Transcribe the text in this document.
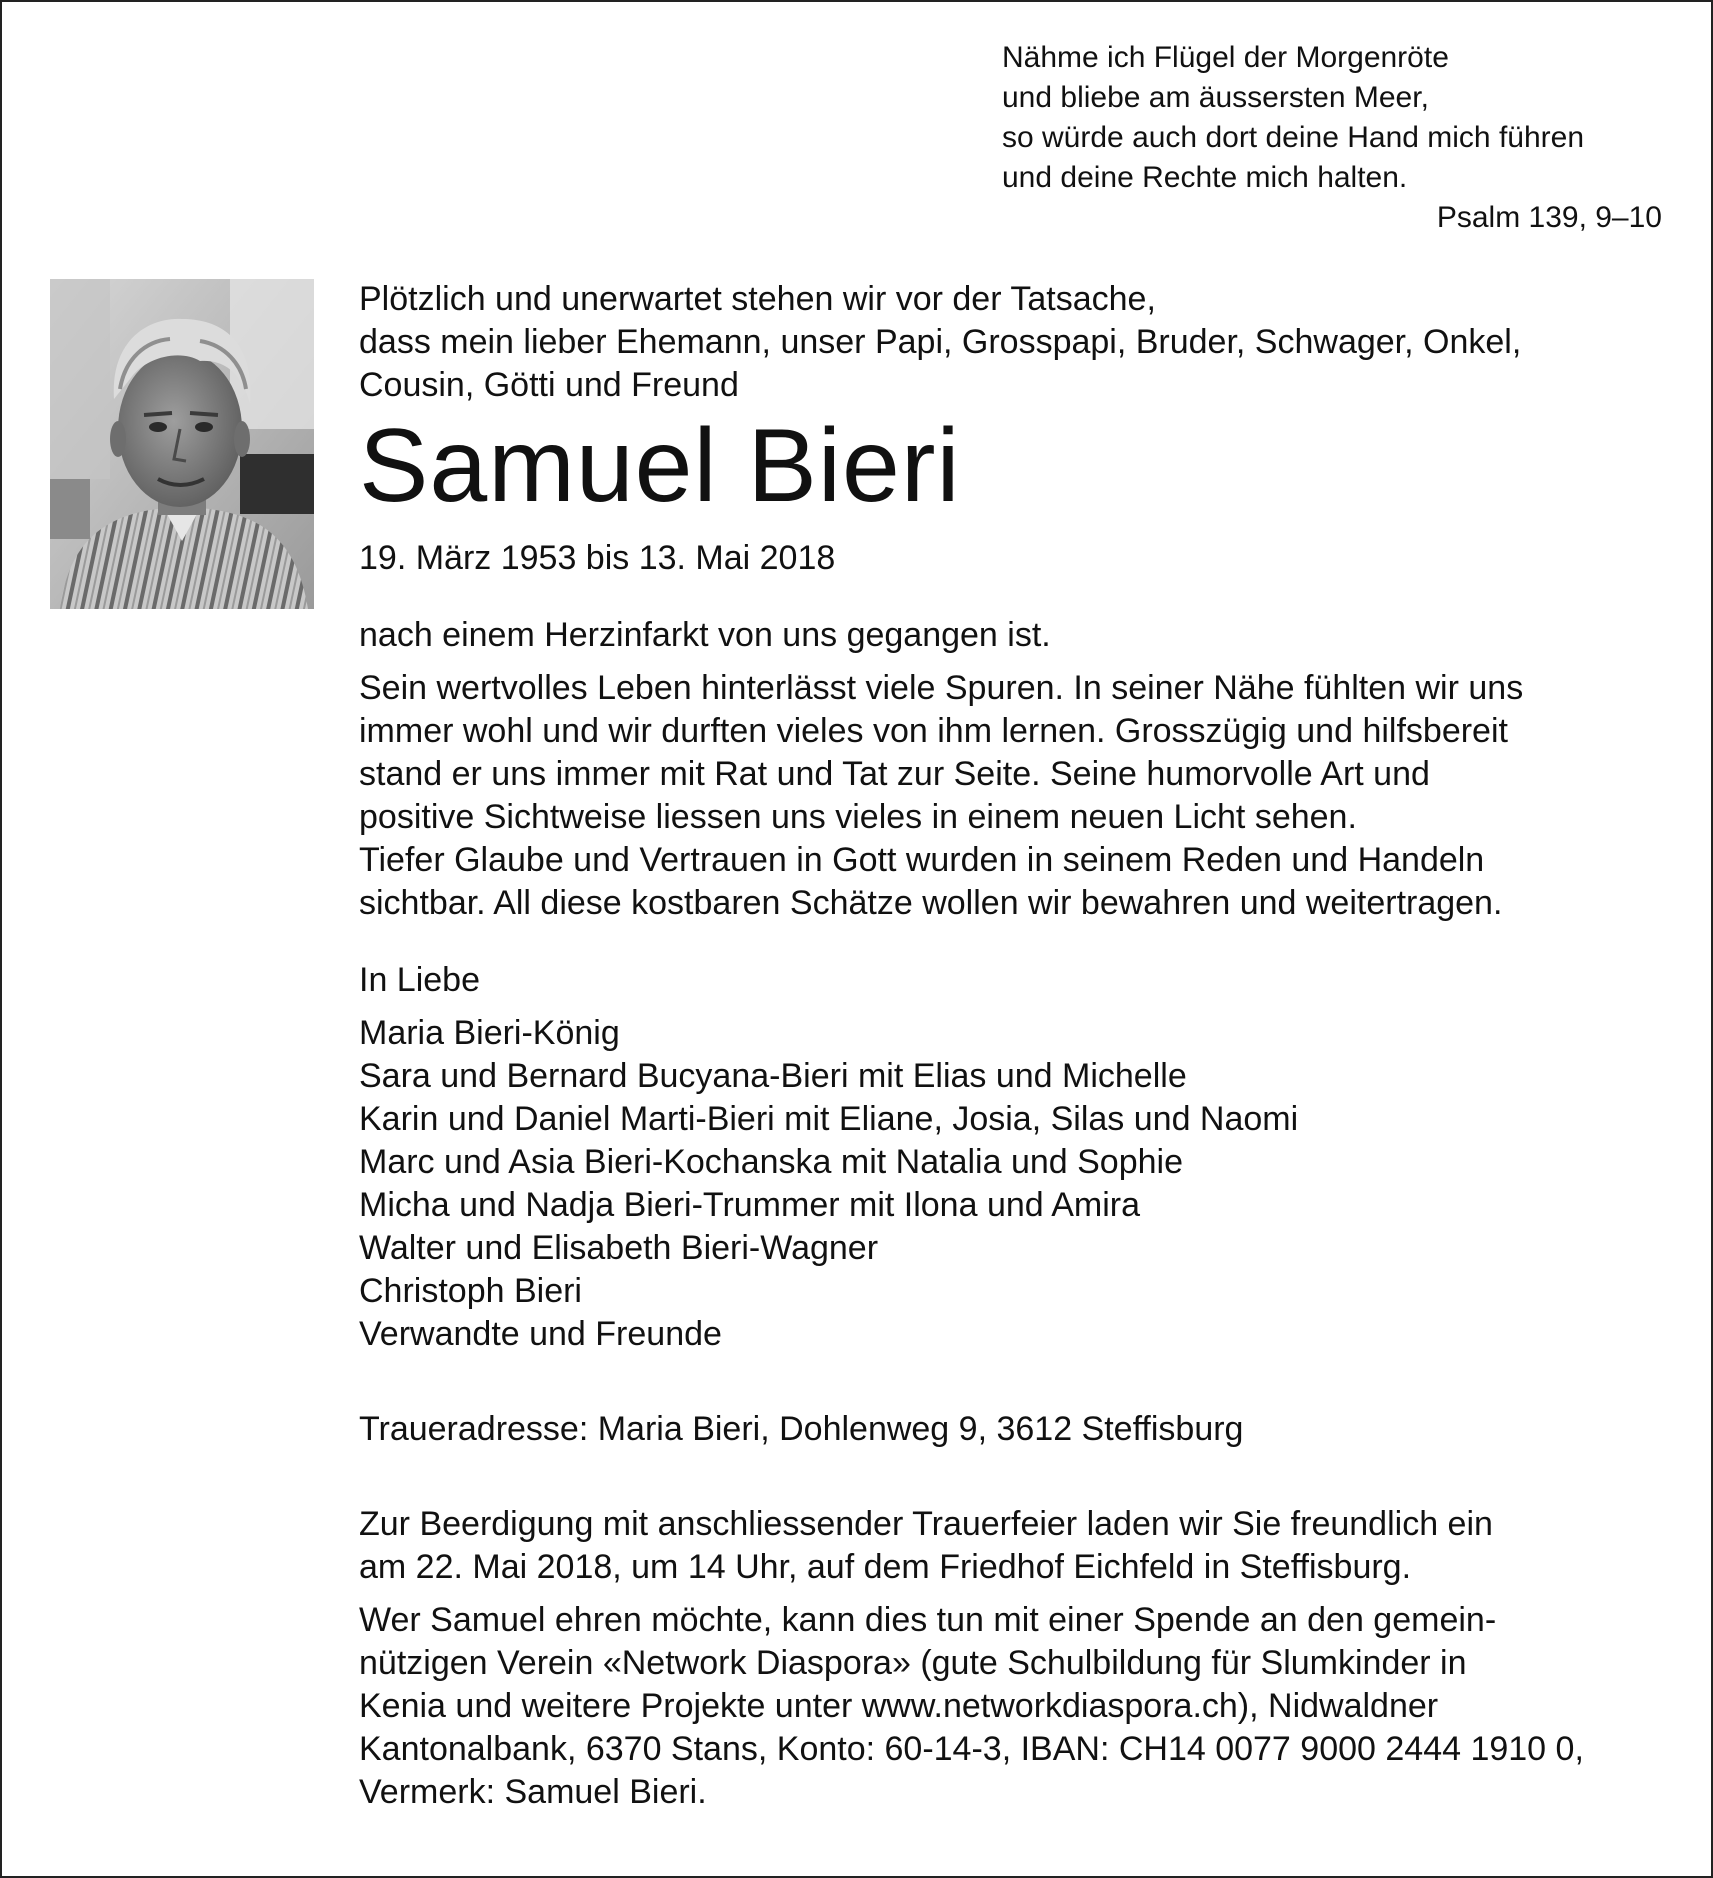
Nähme ich Flügel der Morgenröte
und bliebe am äussersten Meer,
so würde auch dort deine Hand mich führen
und deine Rechte mich halten.
Psalm 139, 9–10

Plötzlich und unerwartet stehen wir vor der Tatsache,

dass mein lieber Ehemann, unser Papi, Grosspapi, Bruder, Schwager, Onkel,

Cousin, Götti und Freund

Samuel Bieri

19. März 1953 bis 13. Mai 2018

nach einem Herzinfarkt von uns gegangen ist.

Sein wertvolles Leben hinterlässt viele Spuren. In seiner Nähe fühlten wir uns

immer wohl und wir durften vieles von ihm lernen. Grosszügig und hilfsbereit

stand er uns immer mit Rat und Tat zur Seite. Seine humorvolle Art und

positive Sichtweise liessen uns vieles in einem neuen Licht sehen.

Tiefer Glaube und Vertrauen in Gott wurden in seinem Reden und Handeln

sichtbar. All diese kostbaren Schätze wollen wir bewahren und weitertragen.

In Liebe

Maria Bieri-König

Sara und Bernard Bucyana-Bieri mit Elias und Michelle

Karin und Daniel Marti-Bieri mit Eliane, Josia, Silas und Naomi

Marc und Asia Bieri-Kochanska mit Natalia und Sophie

Micha und Nadja Bieri-Trummer mit Ilona und Amira

Walter und Elisabeth Bieri-Wagner

Christoph Bieri

Verwandte und Freunde

Traueradresse: Maria Bieri, Dohlenweg 9, 3612 Steffisburg

Zur Beerdigung mit anschliessender Trauerfeier laden wir Sie freundlich ein

am 22. Mai 2018, um 14 Uhr, auf dem Friedhof Eichfeld in Steffisburg.

Wer Samuel ehren möchte, kann dies tun mit einer Spende an den gemein-

nützigen Verein «Network Diaspora» (gute Schulbildung für Slumkinder in

Kenia und weitere Projekte unter www.networkdiaspora.ch), Nidwaldner

Kantonalbank, 6370 Stans, Konto: 60-14-3, IBAN: CH14 0077 9000 2444 1910 0,

Vermerk: Samuel Bieri.
